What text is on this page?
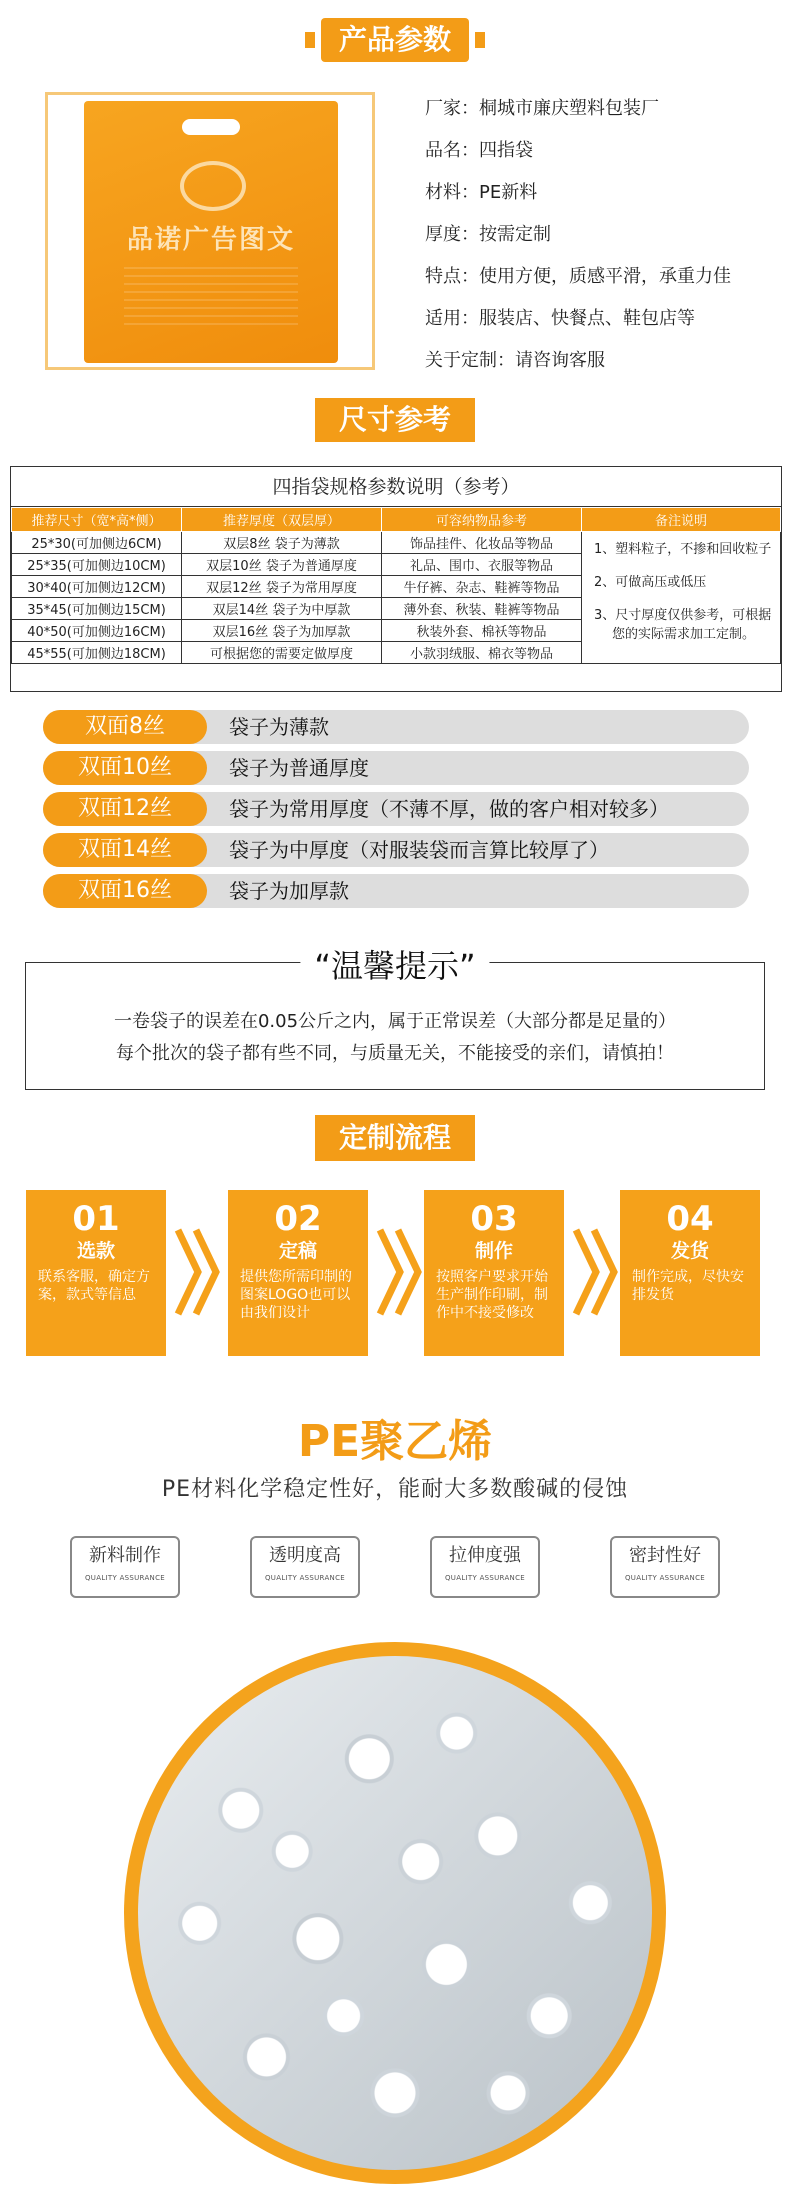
产品参数
品诺广告图文
厂家：桐城市廉庆塑料包装厂
品名：四指袋
材料：PE新料
厚度：按需定制
特点：使用方便，质感平滑，承重力佳
适用：服装店、快餐点、鞋包店等
关于定制：请咨询客服
尺寸参考
四指袋规格参数说明（参考）
推荐尺寸（宽*高*侧）	推荐厚度（双层厚）	可容纳物品参考	备注说明
25*30(可加侧边6CM)	双层8丝 袋子为薄款	饰品挂件、化妆品等物品	1、塑料粒子，不掺和回收粒子

2、可做高压或低压

3、尺寸厚度仅供参考，可根据您的实际需求加工定制。

25*35(可加侧边10CM)	双层10丝 袋子为普通厚度	礼品、围巾、衣服等物品	
30*40(可加侧边12CM)	双层12丝 袋子为常用厚度	牛仔裤、杂志、鞋裤等物品	
35*45(可加侧边15CM)	双层14丝 袋子为中厚款	薄外套、秋装、鞋裤等物品	
40*50(可加侧边16CM)	双层16丝 袋子为加厚款	秋装外套、棉袄等物品	
45*55(可加侧边18CM)	可根据您的需要定做厚度	小款羽绒服、棉衣等物品	
双面8丝	袋子为薄款
双面10丝	袋子为普通厚度
双面12丝	袋子为常用厚度（不薄不厚，做的客户相对较多）
双面14丝	袋子为中厚度（对服装袋而言算比较厚了）
双面16丝	袋子为加厚款
“温馨提示”
一卷袋子的误差在0.05公斤之内，属于正常误差（大部分都是足量的）
每个批次的袋子都有些不同，与质量无关，不能接受的亲们，请慎拍！
定制流程
01
选款
联系客服，确定方案，款式等信息
02
定稿
提供您所需印制的图案LOGO也可以由我们设计
03
制作
按照客户要求开始生产制作印刷，制作中不接受修改
04
发货
制作完成，尽快安排发货
PE聚乙烯
PE材料化学稳定性好，能耐大多数酸碱的侵蚀
新料制作
QUALITY ASSURANCE
透明度高
QUALITY ASSURANCE
拉伸度强
QUALITY ASSURANCE
密封性好
QUALITY ASSURANCE
